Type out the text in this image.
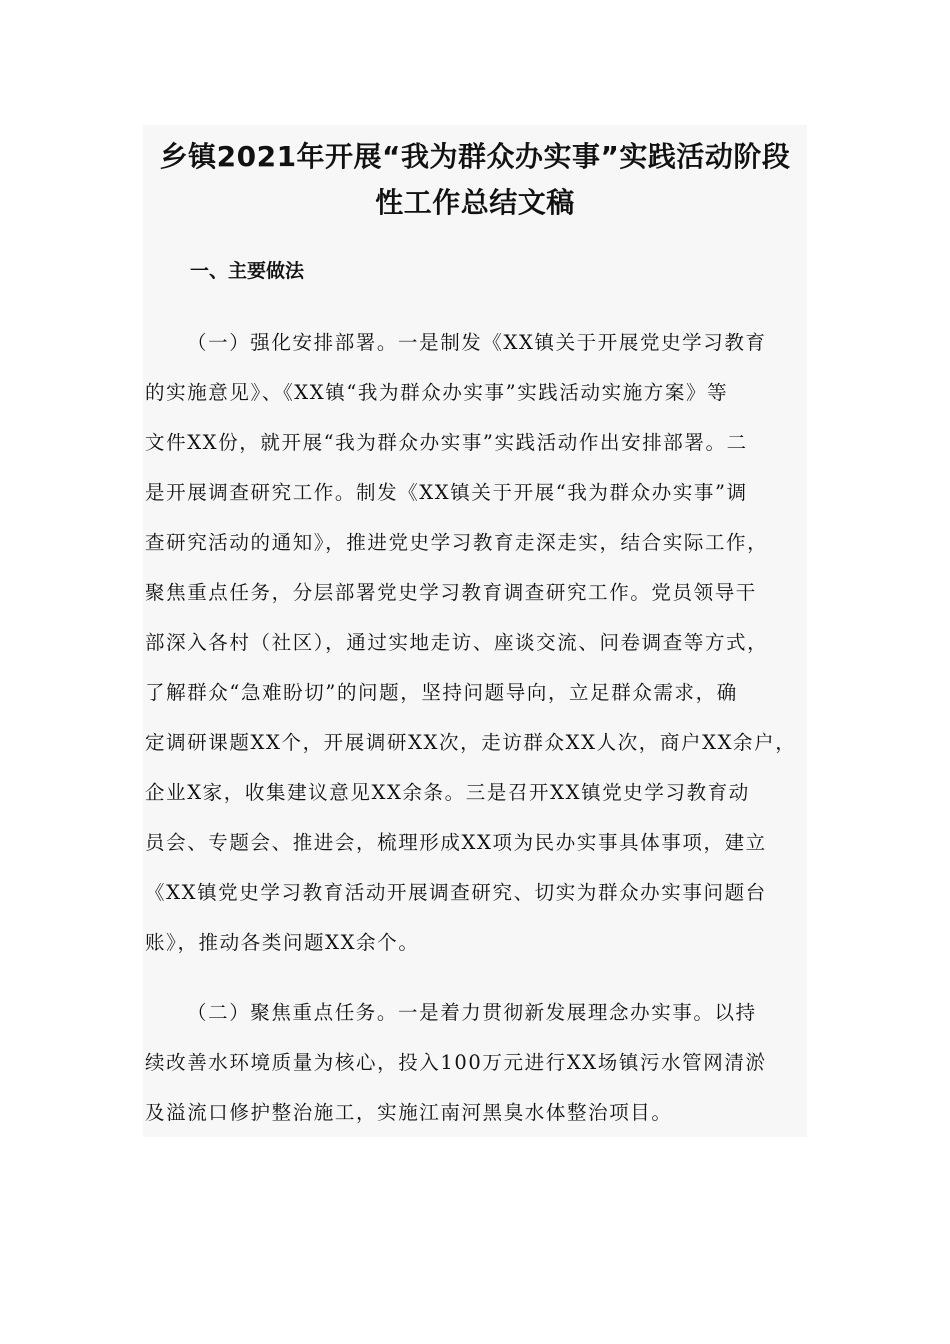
乡镇2021年开展“我为群众办实事”实践活动阶段
性工作总结文稿
一、主要做法

（一）强化安排部署。一是制发《XX镇关于开展党史学习教育
的实施意见》、《XX镇“我为群众办实事”实践活动实施方案》等
文件XX份，就开展“我为群众办实事”实践活动作出安排部署。二
是开展调查研究工作。制发《XX镇关于开展“我为群众办实事”调
查研究活动的通知》，推进党史学习教育走深走实，结合实际工作，
聚焦重点任务，分层部署党史学习教育调查研究工作。党员领导干
部深入各村（社区），通过实地走访、座谈交流、问卷调查等方式，
了解群众“急难盼切”的问题，坚持问题导向，立足群众需求，确
定调研课题XX个，开展调研XX次，走访群众XX人次，商户XX余户，
企业X家，收集建议意见XX余条。三是召开XX镇党史学习教育动
员会、专题会、推进会，梳理形成XX项为民办实事具体事项，建立
《XX镇党史学习教育活动开展调查研究、切实为群众办实事问题台
账》，推动各类问题XX余个。

（二）聚焦重点任务。一是着力贯彻新发展理念办实事。以持
续改善水环境质量为核心，投入100万元进行XX场镇污水管网清淤
及溢流口修护整治施工，实施江南河黑臭水体整治项目。
